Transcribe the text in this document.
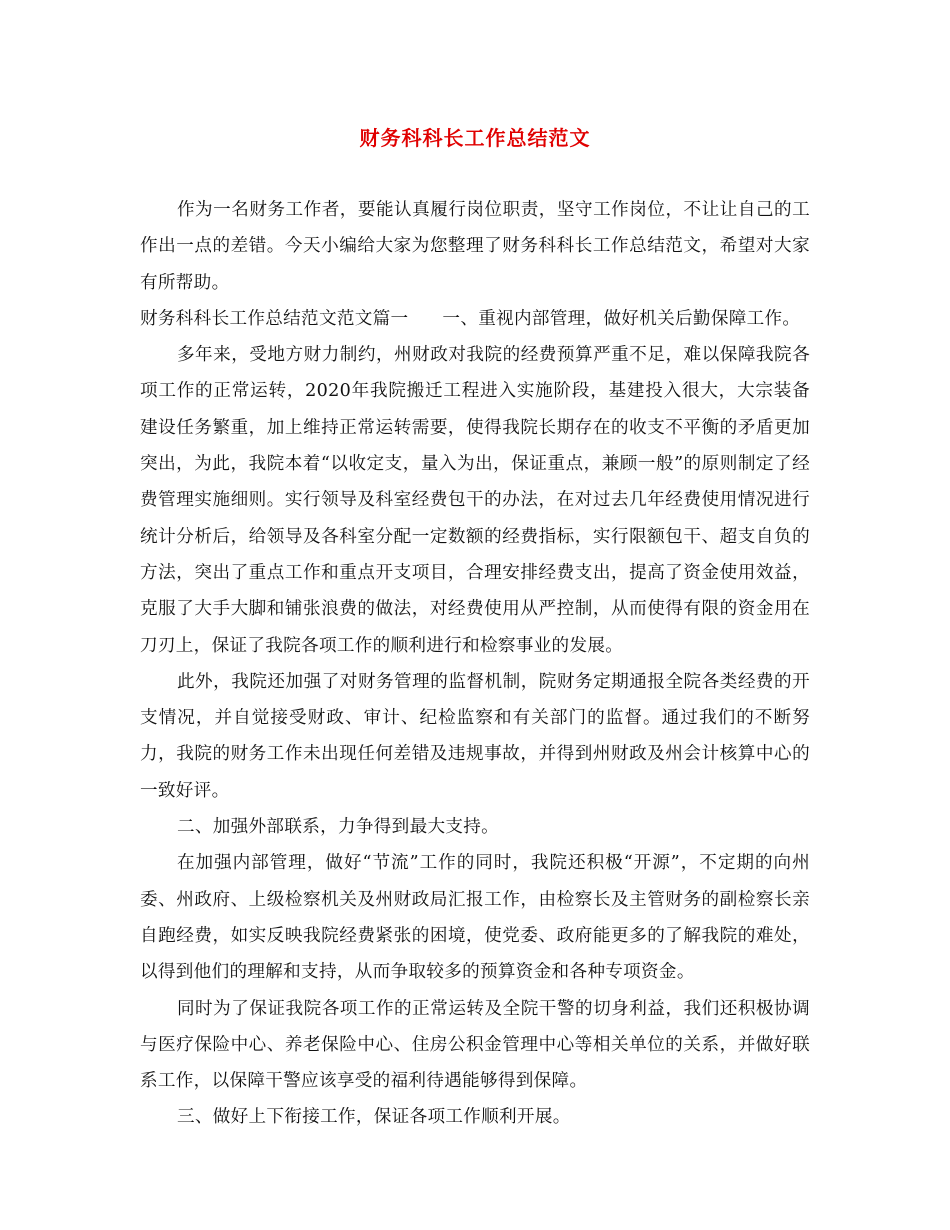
财务科科长工作总结范文

作为一名财务工作者，要能认真履行岗位职责，坚守工作岗位，不让让自己的工作出一点的差错。今天小编给大家为您整理了财务科科长工作总结范文，希望对大家有所帮助。

财务科科长工作总结范文范文篇一 一、重视内部管理，做好机关后勤保障工作。

多年来，受地方财力制约，州财政对我院的经费预算严重不足，难以保障我院各项工作的正常运转，2020年我院搬迁工程进入实施阶段，基建投入很大，大宗装备建设任务繁重，加上维持正常运转需要，使得我院长期存在的收支不平衡的矛盾更加突出，为此，我院本着“以收定支，量入为出，保证重点，兼顾一般”的原则制定了经费管理实施细则。实行领导及科室经费包干的办法，在对过去几年经费使用情况进行统计分析后，给领导及各科室分配一定数额的经费指标，实行限额包干、超支自负的方法，突出了重点工作和重点开支项目，合理安排经费支出，提高了资金使用效益，克服了大手大脚和铺张浪费的做法，对经费使用从严控制，从而使得有限的资金用在刀刃上，保证了我院各项工作的顺利进行和检察事业的发展。

此外，我院还加强了对财务管理的监督机制，院财务定期通报全院各类经费的开支情况，并自觉接受财政、审计、纪检监察和有关部门的监督。通过我们的不断努力，我院的财务工作未出现任何差错及违规事故，并得到州财政及州会计核算中心的一致好评。

二、加强外部联系，力争得到最大支持。

在加强内部管理，做好“节流”工作的同时，我院还积极“开源”，不定期的向州委、州政府、上级检察机关及州财政局汇报工作，由检察长及主管财务的副检察长亲自跑经费，如实反映我院经费紧张的困境，使党委、政府能更多的了解我院的难处，以得到他们的理解和支持，从而争取较多的预算资金和各种专项资金。

同时为了保证我院各项工作的正常运转及全院干警的切身利益，我们还积极协调与医疗保险中心、养老保险中心、住房公积金管理中心等相关单位的关系，并做好联系工作，以保障干警应该享受的福利待遇能够得到保障。

三、做好上下衔接工作，保证各项工作顺利开展。
